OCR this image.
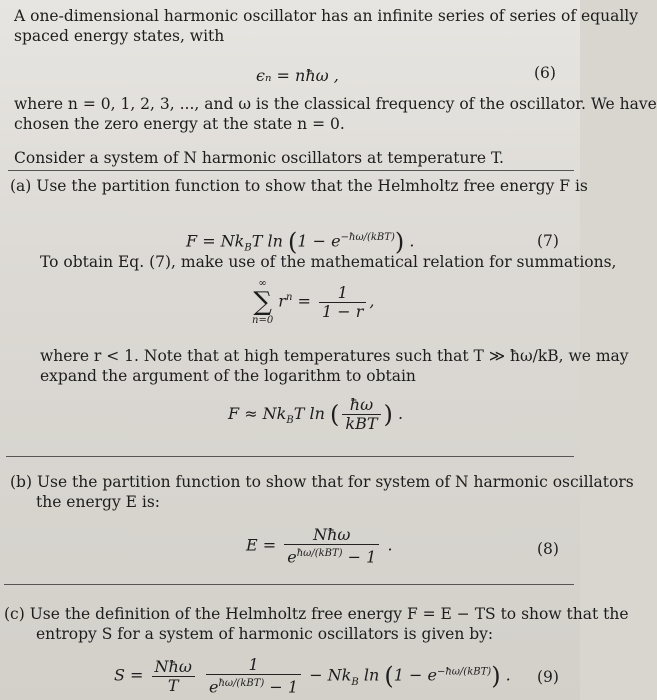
A one-dimensional harmonic oscillator has an infinite series of series of equally
spaced energy states, with
ϵₙ = nħω ,	(6)
where n = 0, 1, 2, 3, ..., and ω is the classical frequency of the oscillator. We have
chosen the zero energy at the state n = 0.
Consider a system of N harmonic oscillators at temperature T.
(a) Use the partition function to show that the Helmholtz free energy F is
$F = Nk_BT$ $\ln (1 - e^{-ħ\omega/(kBT)})$ .	(7)
To obtain Eq. (7), make use of the mathematical relation for summations,
∞
∑
n=0
$r^n = \frac{1}{1 - r}$ ,
where r < 1. Note that at high temperatures such that T ≫ ħω/kB, we may
expand the argument of the logarithm to obtain
$F \approx Nk_BT$ ln ( $\frac{ħ\omega}{\text{kBT}}$ ) .
(b) Use the partition function to show that for system of N harmonic oscillators
the energy E is:
$E = \frac{\text{Nħω}}{e^{ħ\omega/(kBT)} - 1}$ .	(8)
(c) Use the definition of the Helmholtz free energy F = E − TS to show that the
entropy S for a system of harmonic oscillators is given by:
$S = \frac{\text{Nħω}}{T}$
$\frac{1}{e^{ħ\omega/(kBT)} - 1} - Nk_B$ $\ln (1 - e^{-ħ\omega/(kBT)})$ . (9)
